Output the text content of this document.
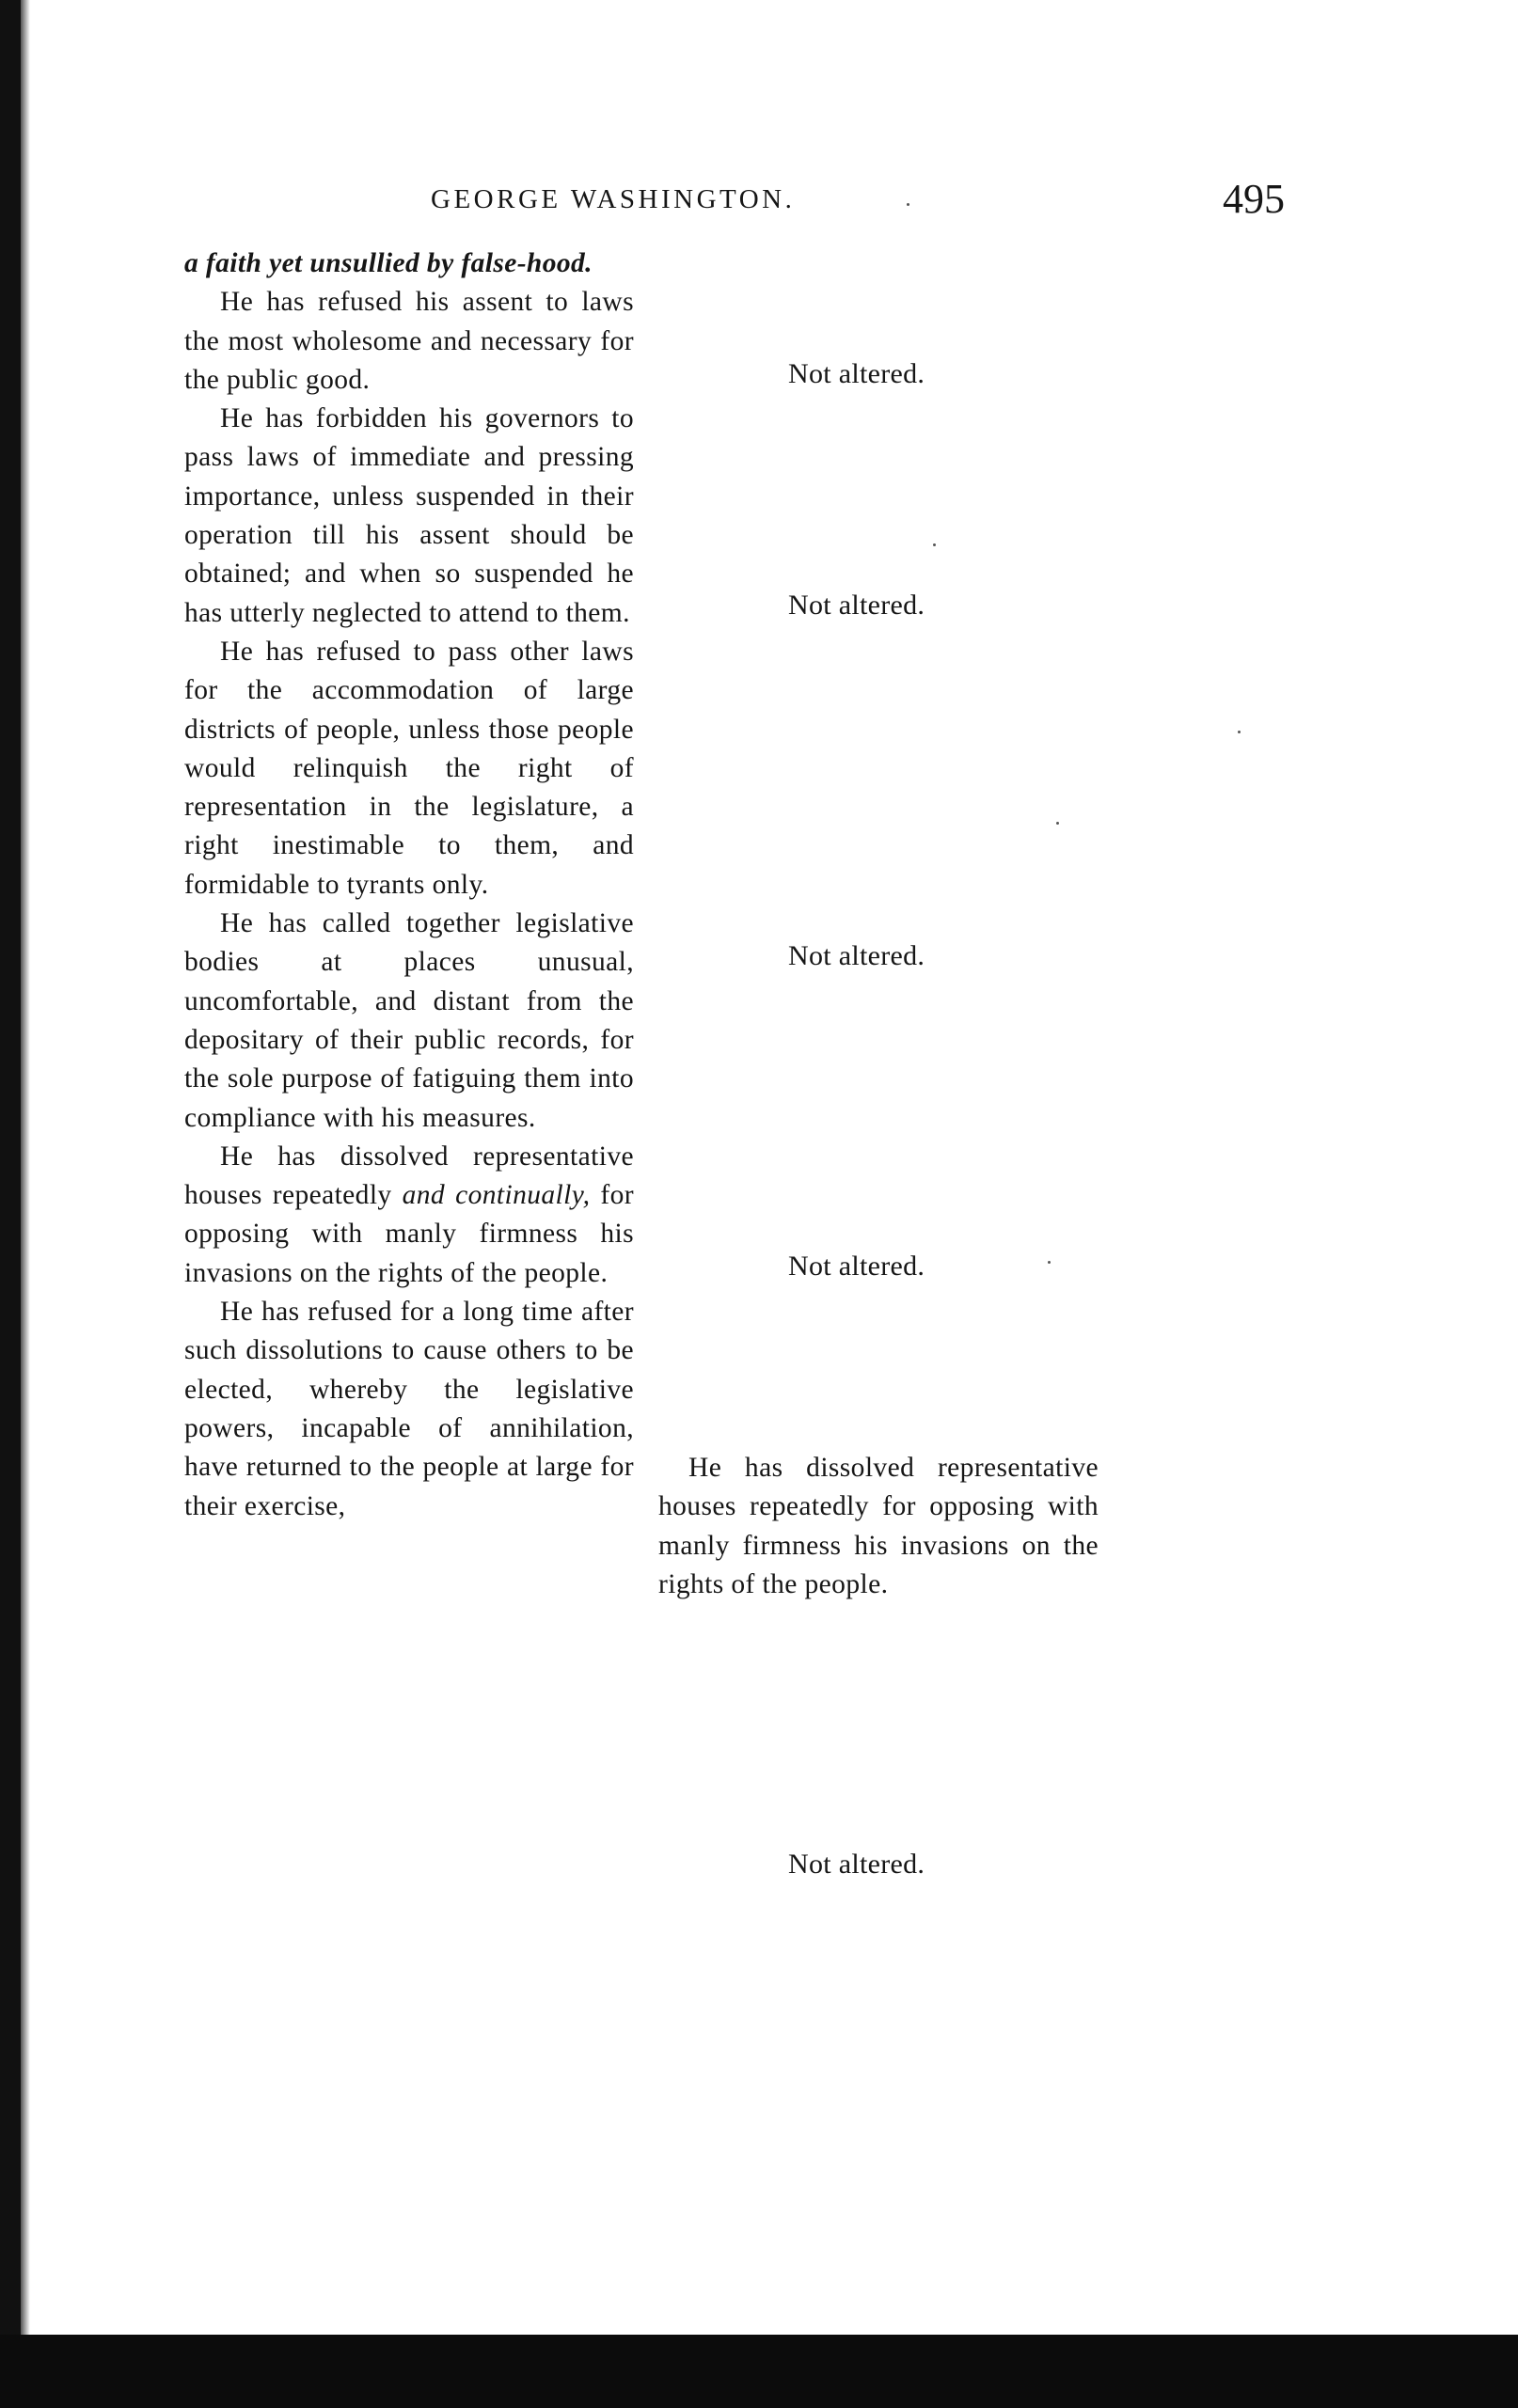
GEORGE WASHINGTON.	495

a faith yet unsullied by false-hood.

He has refused his assent to laws the most wholesome and necessary for the public good.

He has forbidden his governors to pass laws of immediate and pressing importance, unless suspended in their operation till his assent should be obtained; and when so suspended he has utterly neglected to attend to them.

He has refused to pass other laws for the accommodation of large districts of people, unless those people would relinquish the right of representation in the legislature, a right inestimable to them, and formidable to tyrants only.

He has called together legislative bodies at places unusual, uncomfortable, and distant from the depositary of their public records, for the sole purpose of fatiguing them into compliance with his measures.

He has dissolved representative houses repeatedly and continually, for opposing with manly firmness his invasions on the rights of the people.

He has refused for a long time after such dissolutions to cause others to be elected, whereby the legislative powers, incapable of annihilation, have returned to the people at large for their exercise,

Not altered.
Not altered.
Not altered.
Not altered.

He has dissolved representative houses repeatedly for opposing with manly firmness his invasions on the rights of the people.

Not altered.
